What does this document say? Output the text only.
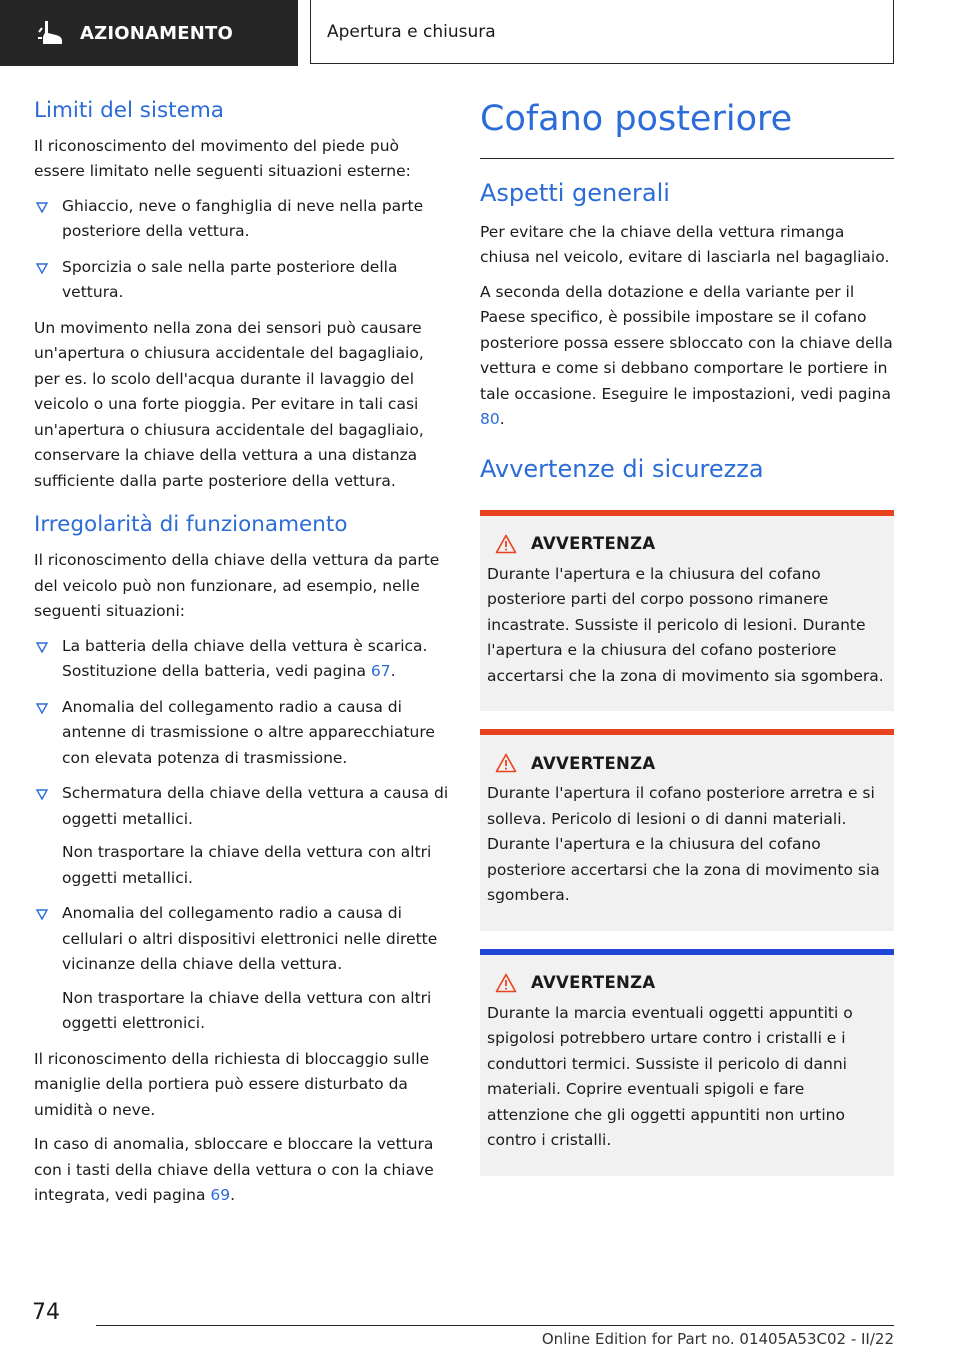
AZIONAMENTO	Apertura e chiusura
Limiti del sistema

Il riconoscimento del movimento del piede può essere limitato nelle seguenti situazioni esterne:

Ghiaccio, neve o fanghiglia di neve nella parte posteriore della vettura.
Sporcizia o sale nella parte posteriore della vettura.

Un movimento nella zona dei sensori può causare un'apertura o chiusura accidentale del bagagliaio, per es. lo scolo dell'acqua durante il lavaggio del veicolo o una forte pioggia. Per evitare in tali casi un'apertura o chiusura accidentale del bagagliaio, conservare la chiave della vettura a una distanza sufficiente dalla parte posteriore della vettura.

Irregolarità di funzionamento

Il riconoscimento della chiave della vettura da parte del veicolo può non funzionare, ad esempio, nelle seguenti situazioni:

La batteria della chiave della vettura è scarica. Sostituzione della batteria, vedi pagina 67.
Anomalia del collegamento radio a causa di antenne di trasmissione o altre apparecchiature con elevata potenza di trasmissione.
Schermatura della chiave della vettura a causa di oggetti metallici.

Non trasportare la chiave della vettura con altri oggetti metallici.

Anomalia del collegamento radio a causa di cellulari o altri dispositivi elettronici nelle dirette vicinanze della chiave della vettura.

Non trasportare la chiave della vettura con altri oggetti elettronici.

Il riconoscimento della richiesta di bloccaggio sulle maniglie della portiera può essere disturbato da umidità o neve.

In caso di anomalia, sbloccare e bloccare la vettura con i tasti della chiave della vettura o con la chiave integrata, vedi pagina 69.

Cofano posteriore
Aspetti generali

Per evitare che la chiave della vettura rimanga chiusa nel veicolo, evitare di lasciarla nel bagagliaio.

A seconda della dotazione e della variante per il Paese specifico, è possibile impostare se il cofano posteriore possa essere sbloccato con la chiave della vettura e come si debbano comportare le portiere in tale occasione. Eseguire le impostazioni, vedi pagina 80.

Avvertenze di sicurezza
AVVERTENZA

Durante l'apertura e la chiusura del cofano posteriore parti del corpo possono rimanere incastrate. Sussiste il pericolo di lesioni. Durante l'apertura e la chiusura del cofano posteriore accertarsi che la zona di movimento sia sgombera.

AVVERTENZA

Durante l'apertura il cofano posteriore arretra e si solleva. Pericolo di lesioni o di danni materiali. Durante l'apertura e la chiusura del cofano posteriore accertarsi che la zona di movimento sia sgombera.

AVVERTENZA

Durante la marcia eventuali oggetti appuntiti o spigolosi potrebbero urtare contro i cristalli e i conduttori termici. Sussiste il pericolo di danni materiali. Coprire eventuali spigoli e fare attenzione che gli oggetti appuntiti non urtino contro i cristalli.

74
Online Edition for Part no. 01405A53C02 - II/22
